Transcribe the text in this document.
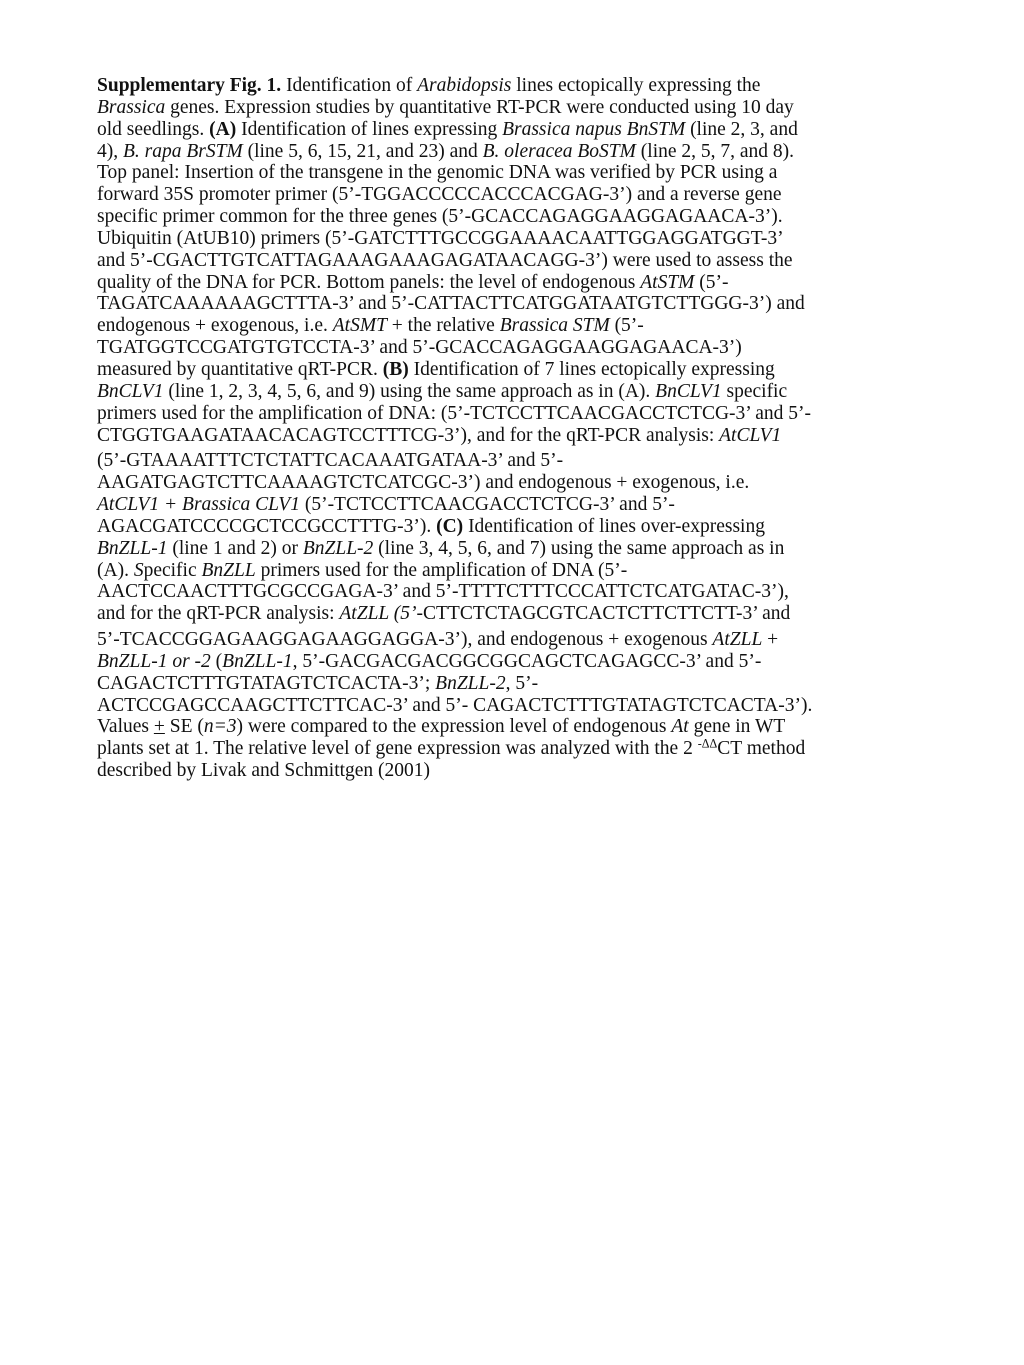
Supplementary Fig. 1. Identification of Arabidopsis lines ectopically expressing the
Brassica genes. Expression studies by quantitative RT-PCR were conducted using 10 day
old seedlings. (A) Identification of lines expressing Brassica napus BnSTM (line 2, 3, and
4), B. rapa BrSTM (line 5, 6, 15, 21, and 23) and B. oleracea BoSTM (line 2, 5, 7, and 8).
Top panel: Insertion of the transgene in the genomic DNA was verified by PCR using a
forward 35S promoter primer (5’-TGGACCCCCACCCACGAG-3’) and a reverse gene
specific primer common for the three genes (5’-GCACCAGAGGAAGGAGAACA-3’).
Ubiquitin (AtUB10) primers (5’-GATCTTTGCCGGAAAACAATTGGAGGATGGT-3’
and 5’-CGACTTGTCATTAGAAAGAAAGAGATAACAGG-3’) were used to assess the
quality of the DNA for PCR. Bottom panels: the level of endogenous AtSTM (5’-
TAGATCAAAAAAGCTTTA-3’ and 5’-CATTACTTCATGGATAATGTCTTGGG-3’) and
endogenous + exogenous, i.e. AtSMT + the relative Brassica STM (5’-
TGATGGTCCGATGTGTCCTA-3’ and 5’-GCACCAGAGGAAGGAGAACA-3’)
measured by quantitative qRT-PCR. (B) Identification of 7 lines ectopically expressing
BnCLV1 (line 1, 2, 3, 4, 5, 6, and 9) using the same approach as in (A). BnCLV1 specific
primers used for the amplification of DNA: (5’-TCTCCTTCAACGACCTCTCG-3’ and 5’-
CTGGTGAAGATAACACAGTCCTTTCG-3’), and for the qRT-PCR analysis: AtCLV1
(5’-GTAAAATTTCTCTATTCACAAATGATAA-3’ and 5’-
AAGATGAGTCTTCAAAAGTCTCATCGC-3’) and endogenous + exogenous, i.e.
AtCLV1 + Brassica CLV1 (5’-TCTCCTTCAACGACCTCTCG-3’ and 5’-
AGACGATCCCCGCTCCGCCTTTG-3’). (C) Identification of lines over-expressing
BnZLL-1 (line 1 and 2) or BnZLL-2 (line 3, 4, 5, 6, and 7) using the same approach as in
(A). Specific BnZLL primers used for the amplification of DNA (5’-
AACTCCAACTTTGCGCCGAGA-3’ and 5’-TTTTCTTTCCCATTCTCATGATAC-3’),
and for the qRT-PCR analysis: AtZLL (5’-CTTCTCTAGCGTCACTCTTCTTCTT-3’ and
5’-TCACCGGAGAAGGAGAAGGAGGA-3’), and endogenous + exogenous AtZLL +
BnZLL-1 or -2 (BnZLL-1, 5’-GACGACGACGGCGGCAGCTCAGAGCC-3’ and 5’-
CAGACTCTTTGTATAGTCTCACTA-3’; BnZLL-2, 5’-
ACTCCGAGCCAAGCTTCTTCAC-3’ and 5’- CAGACTCTTTGTATAGTCTCACTA-3’).
Values + SE (n=3) were compared to the expression level of endogenous At gene in WT
plants set at 1. The relative level of gene expression was analyzed with the 2 $^{-\Delta\Delta}$CT method
described by Livak and Schmittgen (2001)
